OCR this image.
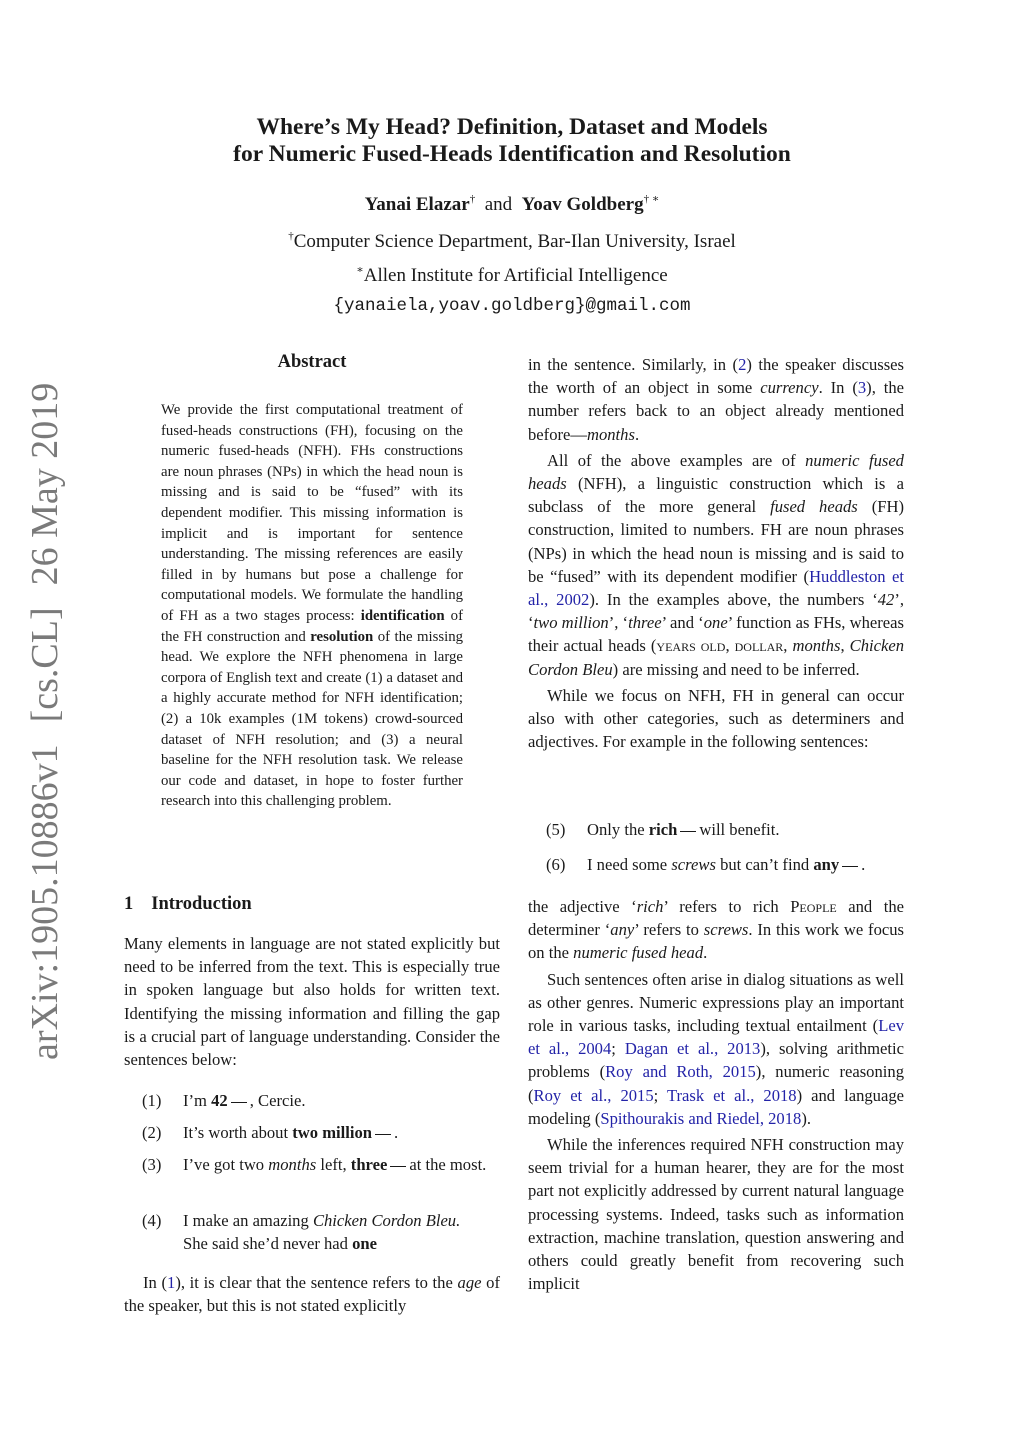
Where’s My Head? Definition, Dataset and Models
for Numeric Fused-Heads Identification and Resolution
Yanai Elazar† and Yoav Goldberg† ∗
†Computer Science Department, Bar-Ilan University, Israel
∗Allen Institute for Artificial Intelligence
{yanaiela,yoav.goldberg}@gmail.com
arXiv:1905.10886v1[cs.CL]26 May 2019
Abstract

We provide the first computational treatment of fused-heads constructions (FH), focusing on the numeric fused-heads (NFH). FHs constructions are noun phrases (NPs) in which the head noun is missing and is said to be “fused” with its dependent modifier. This missing information is implicit and is important for sentence understanding. The missing references are easily filled in by humans but pose a challenge for computational models. We formulate the handling of FH as a two stages process: identification of the FH construction and resolution of the missing head. We explore the NFH phenomena in large corpora of English text and create (1) a dataset and a highly accurate method for NFH identification; (2) a 10k examples (1M tokens) crowd-sourced dataset of NFH resolution; and (3) a neural baseline for the NFH resolution task. We release our code and dataset, in hope to foster further research into this challenging problem.

1 Introduction

Many elements in language are not stated explicitly but need to be inferred from the text. This is especially true in spoken language but also holds for written text. Identifying the missing information and filling the gap is a crucial part of language understanding. Consider the sentences below:

(1) I’m 42 , Cercie.
(2) It’s worth about two million .
(3) I’ve got two months left, three at the most.
(4) I make an amazing Chicken Cordon Bleu.
She said she’d never had one

In (1), it is clear that the sentence refers to the age of the speaker, but this is not stated explicitly

in the sentence. Similarly, in (2) the speaker discusses the worth of an object in some currency. In (3), the number refers back to an object already mentioned before—months.

All of the above examples are of numeric fused heads (NFH), a linguistic construction which is a subclass of the more general fused heads (FH) construction, limited to numbers. FH are noun phrases (NPs) in which the head noun is missing and is said to be “fused” with its dependent modifier (Huddleston et al., 2002). In the examples above, the numbers ‘42’, ‘two million’, ‘three’ and ‘one’ function as FHs, whereas their actual heads (years old, dollar, months, Chicken Cordon Bleu) are missing and need to be inferred.

While we focus on NFH, FH in general can occur also with other categories, such as determiners and adjectives. For example in the following sentences:

(5) Only the rich will benefit.
(6) I need some screws but can’t find any .

the adjective ‘rich’ refers to rich People and the determiner ‘any’ refers to screws. In this work we focus on the numeric fused head.

Such sentences often arise in dialog situations as well as other genres. Numeric expressions play an important role in various tasks, including textual entailment (Lev et al., 2004; Dagan et al., 2013), solving arithmetic problems (Roy and Roth, 2015), numeric reasoning (Roy et al., 2015; Trask et al., 2018) and language modeling (Spithourakis and Riedel, 2018).

While the inferences required NFH construction may seem trivial for a human hearer, they are for the most part not explicitly addressed by current natural language processing systems. Indeed, tasks such as information extraction, machine translation, question answering and others could greatly benefit from recovering such implicit
